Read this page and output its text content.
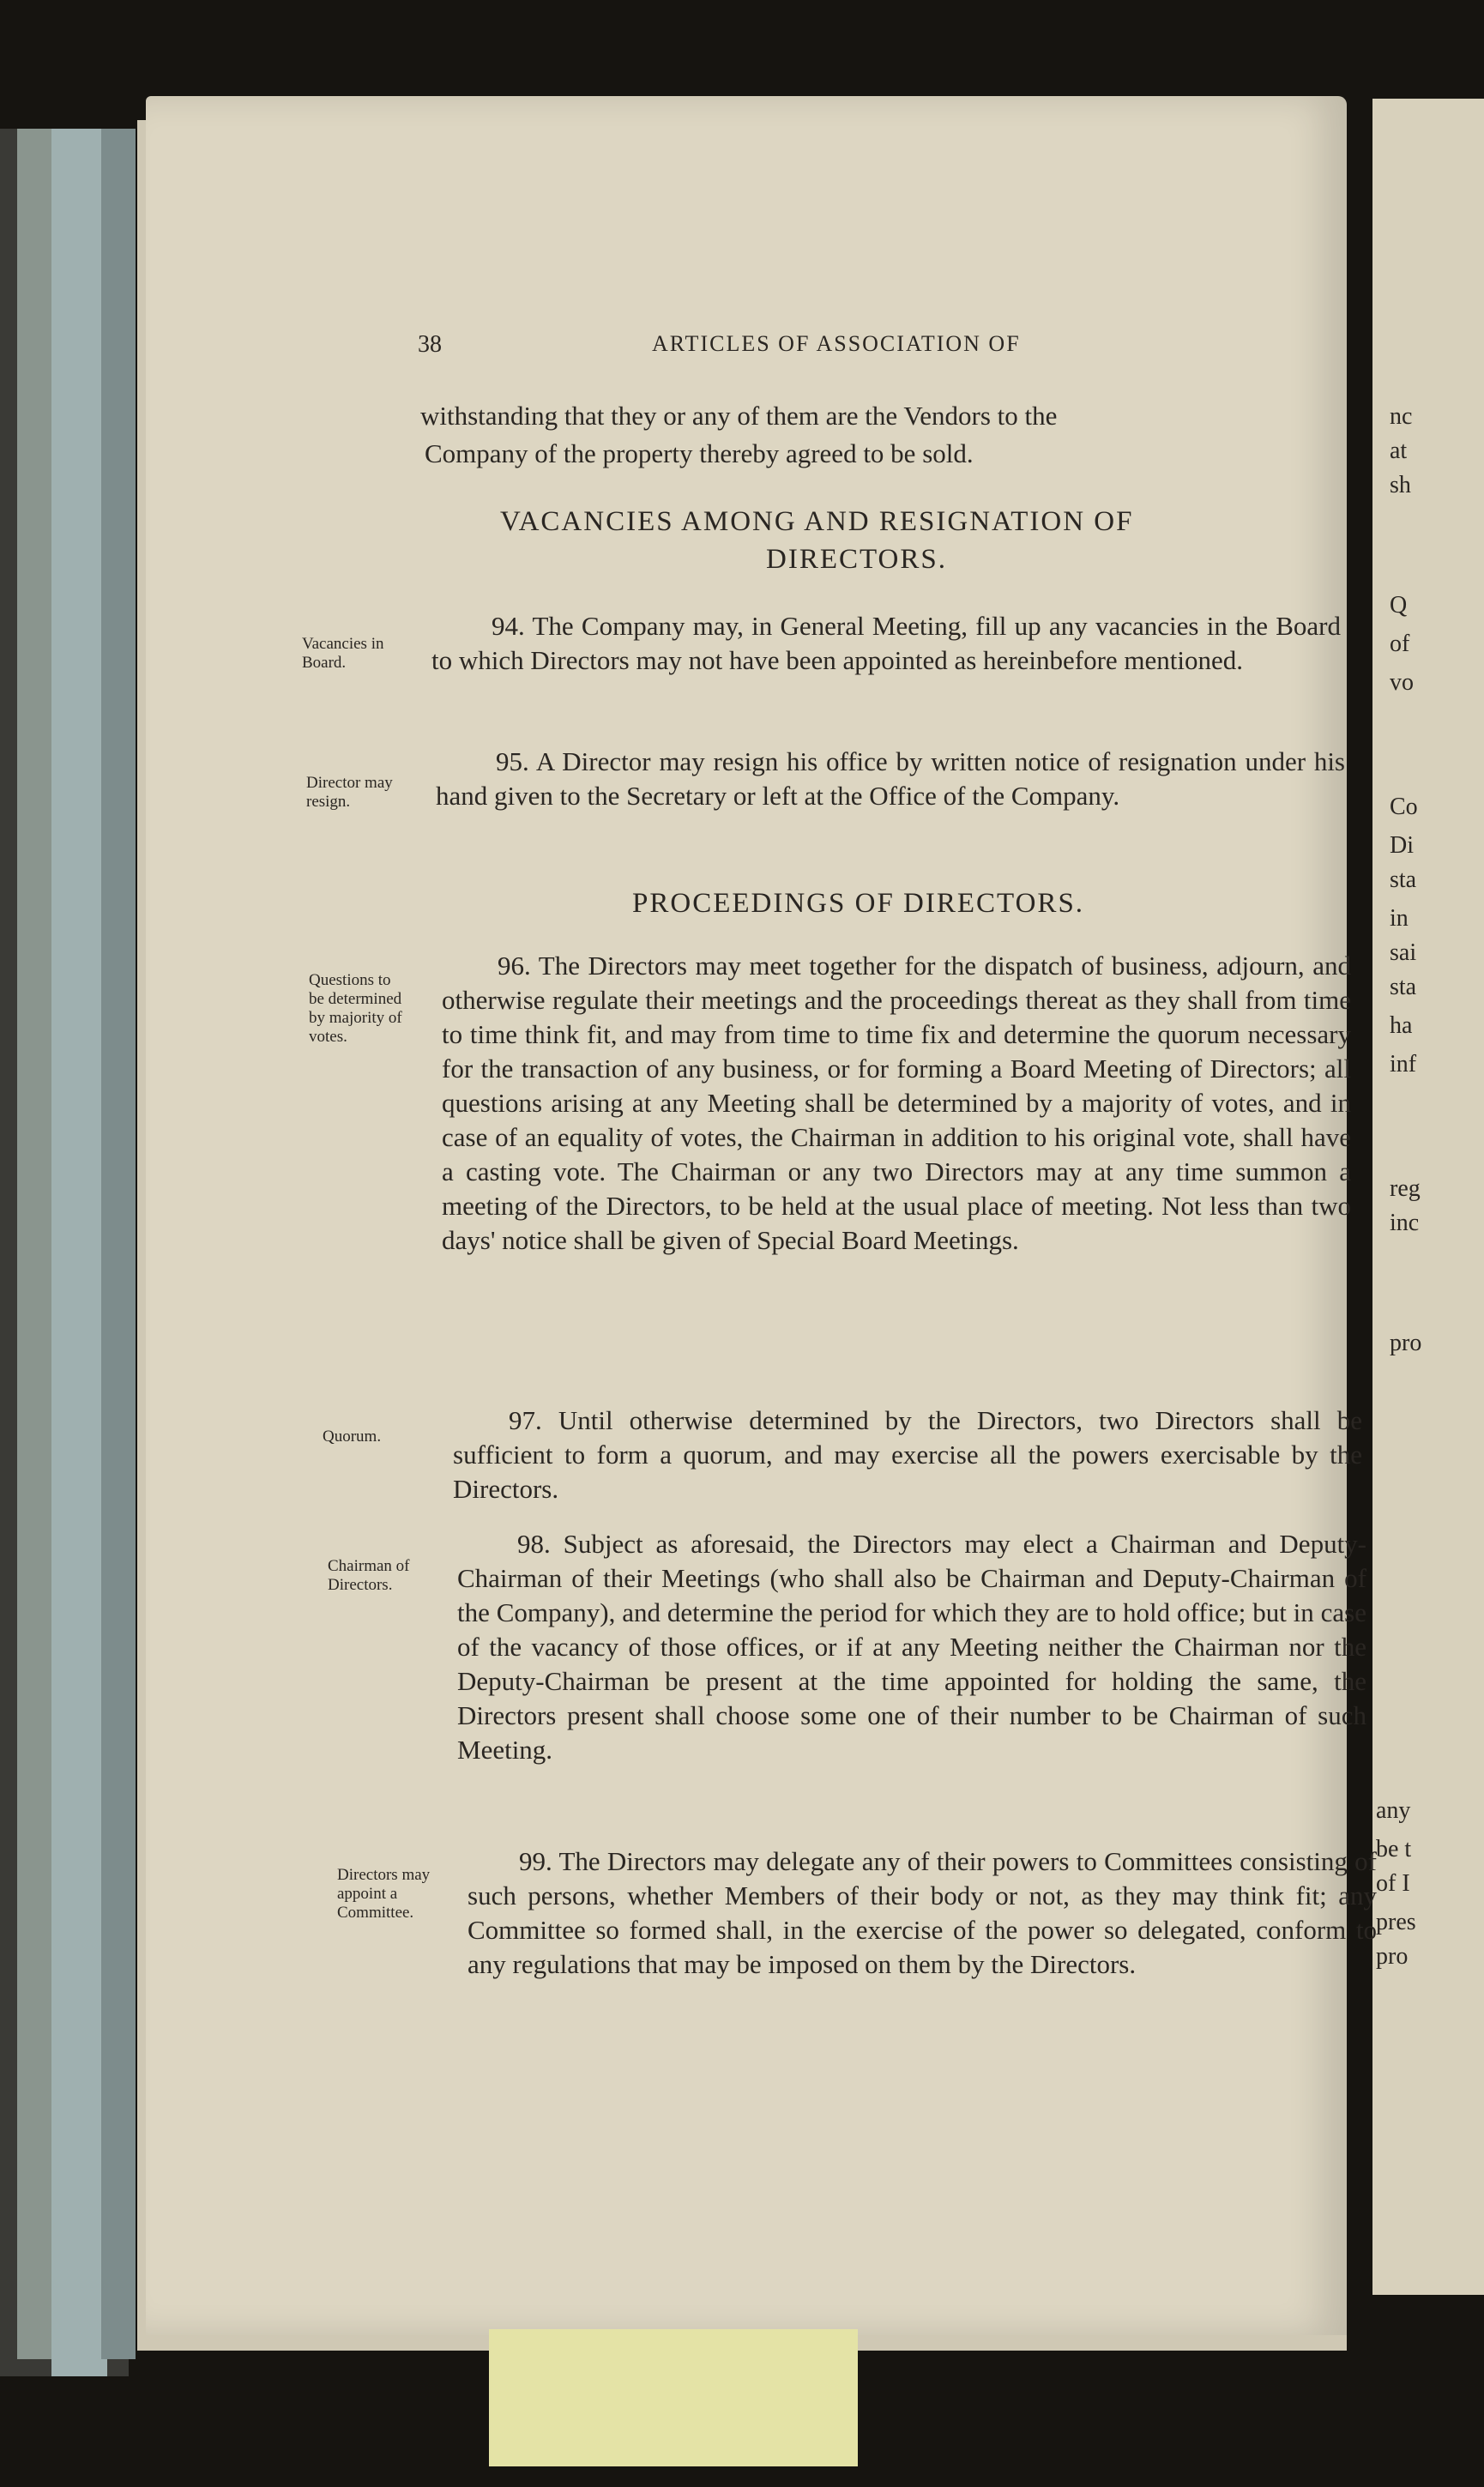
nc
at
sh
Q
of
vo
Co
Di
sta
in
sai
sta
ha
inf
reg
inc
pro
any
be t
of I
pres
pro
38	ARTICLES OF ASSOCIATION OF
withstanding that they or any of them are the Vendors to the
Company of the property thereby agreed to be sold.
VACANCIES AMONG AND RESIGNATION OF
DIRECTORS.
Vacancies in
Board.
94. The Company may, in General Meeting, fill up any vacancies in the Board to which Directors may not have been appointed as hereinbefore mentioned.
Director may
resign.
95. A Director may resign his office by written notice of resignation under his hand given to the Secretary or left at the Office of the Company.
PROCEEDINGS OF DIRECTORS.
Questions to
be determined
by majority of
votes.
96. The Directors may meet together for the dispatch of business, adjourn, and otherwise regulate their meetings and the proceedings thereat as they shall from time to time think fit, and may from time to time fix and determine the quorum necessary for the transaction of any business, or for forming a Board Meeting of Directors; all questions arising at any Meeting shall be determined by a majority of votes, and in case of an equality of votes, the Chairman in addition to his original vote, shall have a casting vote. The Chairman or any two Directors may at any time summon a meeting of the Directors, to be held at the usual place of meeting. Not less than two days' notice shall be given of Special Board Meetings.
Quorum.
97. Until otherwise determined by the Directors, two Directors shall be sufficient to form a quorum, and may exercise all the powers exercisable by the Directors.
Chairman of
Directors.
98. Subject as aforesaid, the Directors may elect a Chairman and Deputy-Chairman of their Meetings (who shall also be Chairman and Deputy-Chairman of the Company), and determine the period for which they are to hold office; but in case of the vacancy of those offices, or if at any Meeting neither the Chairman nor the Deputy-Chairman be present at the time appointed for holding the same, the Directors present shall choose some one of their number to be Chairman of such Meeting.
Directors may
appoint a
Committee.
99. The Directors may delegate any of their powers to Committees consisting of such persons, whether Members of their body or not, as they may think fit; any Committee so formed shall, in the exercise of the power so delegated, conform to any regulations that may be imposed on them by the Directors.
